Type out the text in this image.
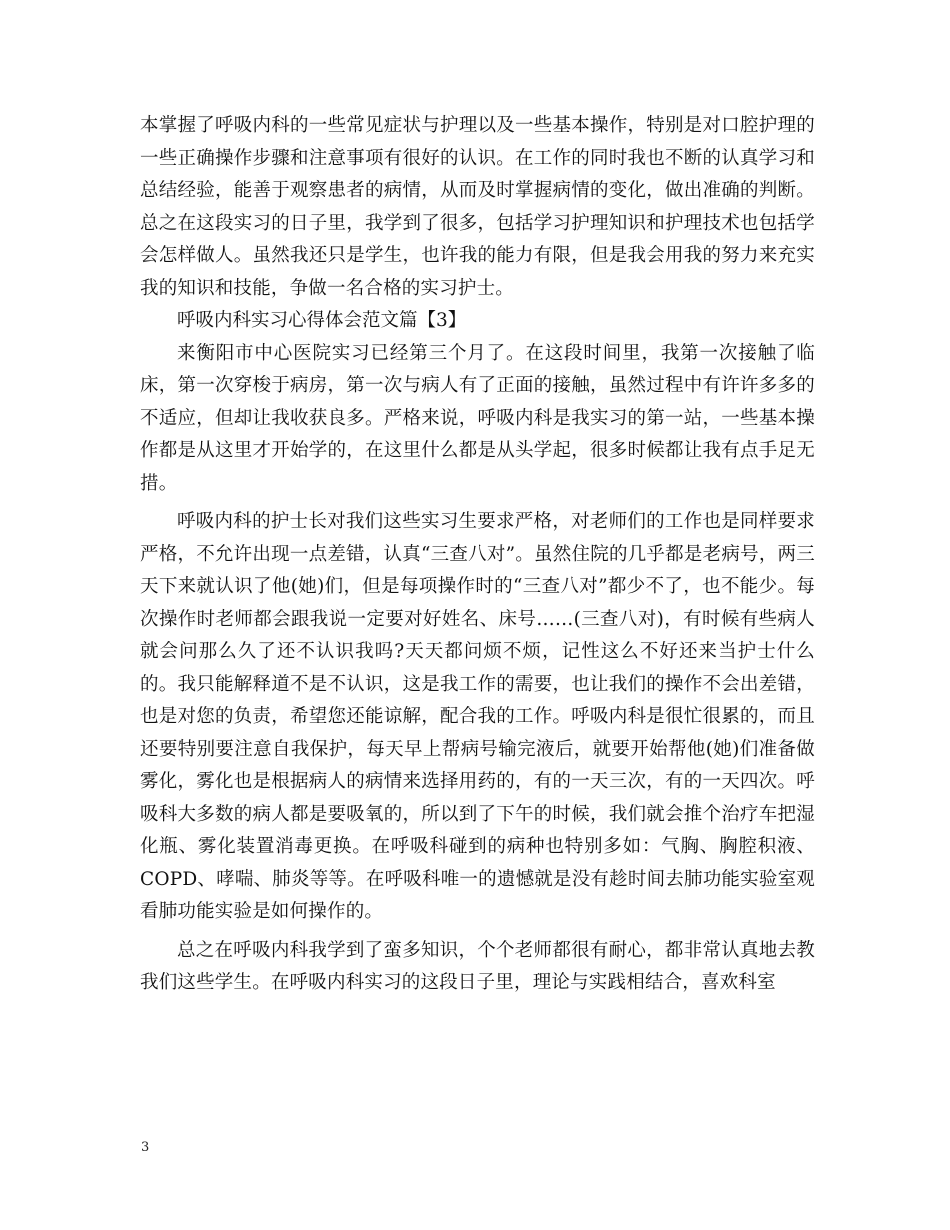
本掌握了呼吸内科的一些常见症状与护理以及一些基本操作，特别是对口腔护理的一些正确操作步骤和注意事项有很好的认识。在工作的同时我也不断的认真学习和总结经验，能善于观察患者的病情，从而及时掌握病情的变化，做出准确的判断。总之在这段实习的日子里，我学到了很多，包括学习护理知识和护理技术也包括学会怎样做人。虽然我还只是学生，也许我的能力有限，但是我会用我的努力来充实我的知识和技能，争做一名合格的实习护士。

呼吸内科实习心得体会范文篇【3】

来衡阳市中心医院实习已经第三个月了。在这段时间里，我第一次接触了临床，第一次穿梭于病房，第一次与病人有了正面的接触，虽然过程中有许许多多的不适应，但却让我收获良多。严格来说，呼吸内科是我实习的第一站，一些基本操作都是从这里才开始学的，在这里什么都是从头学起，很多时候都让我有点手足无措。

呼吸内科的护士长对我们这些实习生要求严格，对老师们的工作也是同样要求严格，不允许出现一点差错，认真“三查八对”。虽然住院的几乎都是老病号，两三天下来就认识了他(她)们，但是每项操作时的“三查八对”都少不了，也不能少。每次操作时老师都会跟我说一定要对好姓名、床号……(三查八对)，有时候有些病人就会问那么久了还不认识我吗?天天都问烦不烦，记性这么不好还来当护士什么的。我只能解释道不是不认识，这是我工作的需要，也让我们的操作不会出差错，也是对您的负责，希望您还能谅解，配合我的工作。呼吸内科是很忙很累的，而且还要特别要注意自我保护，每天早上帮病号输完液后，就要开始帮他(她)们准备做雾化，雾化也是根据病人的病情来选择用药的，有的一天三次，有的一天四次。呼吸科大多数的病人都是要吸氧的，所以到了下午的时候，我们就会推个治疗车把湿化瓶、雾化装置消毒更换。在呼吸科碰到的病种也特别多如：气胸、胸腔积液、COPD、哮喘、肺炎等等。在呼吸科唯一的遗憾就是没有趁时间去肺功能实验室观看肺功能实验是如何操作的。

总之在呼吸内科我学到了蛮多知识，个个老师都很有耐心，都非常认真地去教我们这些学生。在呼吸内科实习的这段日子里，理论与实践相结合，喜欢科室

3
